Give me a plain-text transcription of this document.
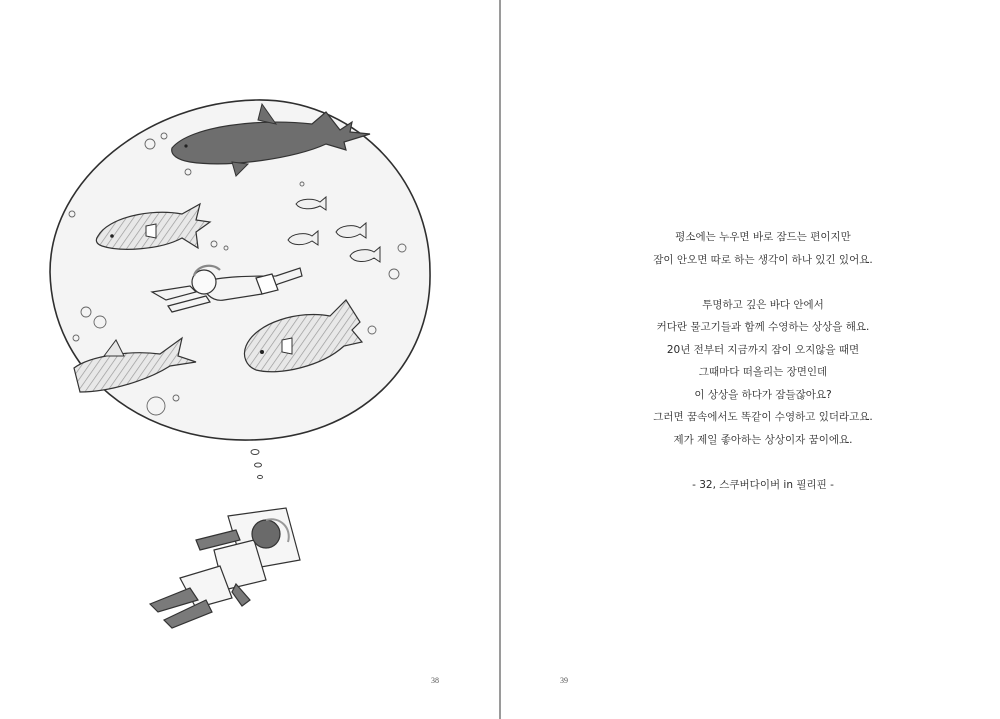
38

평소에는 누우면 바로 잠드는 편이지만

잠이 안오면 따로 하는 생각이 하나 있긴 있어요.

투명하고 깊은 바다 안에서

커다란 물고기들과 함께 수영하는 상상을 해요.

20년 전부터 지금까지 잠이 오지않을 때면

그때마다 떠올리는 장면인데

이 상상을 하다가 잠들잖아요?

그러면 꿈속에서도 똑같이 수영하고 있더라고요.

제가 제일 좋아하는 상상이자 꿈이에요.

- 32, 스쿠버다이버 in 필리핀 -

39
